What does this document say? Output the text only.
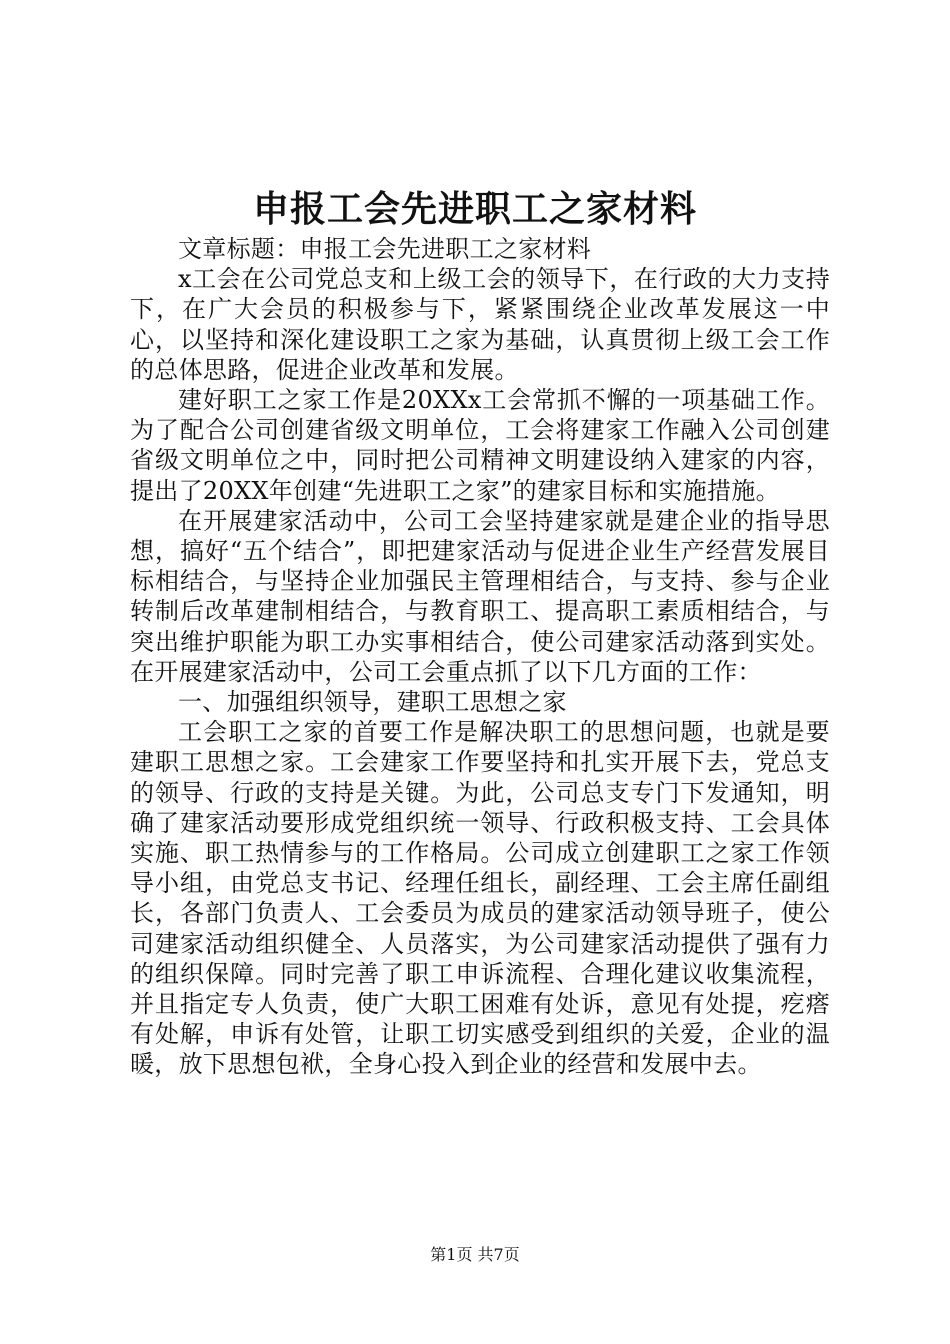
申报工会先进职工之家材料

文章标题：申报工会先进职工之家材料

x工会在公司党总支和上级工会的领导下，在行政的大力支持下，在广大会员的积极参与下，紧紧围绕企业改革发展这一中心，以坚持和深化建设职工之家为基础，认真贯彻上级工会工作的总体思路，促进企业改革和发展。

建好职工之家工作是20XXx工会常抓不懈的一项基础工作。为了配合公司创建省级文明单位，工会将建家工作融入公司创建省级文明单位之中，同时把公司精神文明建设纳入建家的内容，提出了20XX年创建“先进职工之家”的建家目标和实施措施。

在开展建家活动中，公司工会坚持建家就是建企业的指导思想，搞好“五个结合”，即把建家活动与促进企业生产经营发展目标相结合，与坚持企业加强民主管理相结合，与支持、参与企业转制后改革建制相结合，与教育职工、提高职工素质相结合，与突出维护职能为职工办实事相结合，使公司建家活动落到实处。在开展建家活动中，公司工会重点抓了以下几方面的工作：

一、加强组织领导，建职工思想之家

工会职工之家的首要工作是解决职工的思想问题，也就是要建职工思想之家。工会建家工作要坚持和扎实开展下去，党总支的领导、行政的支持是关键。为此，公司总支专门下发通知，明确了建家活动要形成党组织统一领导、行政积极支持、工会具体实施、职工热情参与的工作格局。公司成立创建职工之家工作领导小组，由党总支书记、经理任组长，副经理、工会主席任副组长，各部门负责人、工会委员为成员的建家活动领导班子，使公司建家活动组织健全、人员落实，为公司建家活动提供了强有力的组织保障。同时完善了职工申诉流程、合理化建议收集流程，并且指定专人负责，使广大职工困难有处诉，意见有处提，疙瘩有处解，申诉有处管，让职工切实感受到组织的关爱，企业的温暖，放下思想包袱，全身心投入到企业的经营和发展中去。

第1页 共7页
